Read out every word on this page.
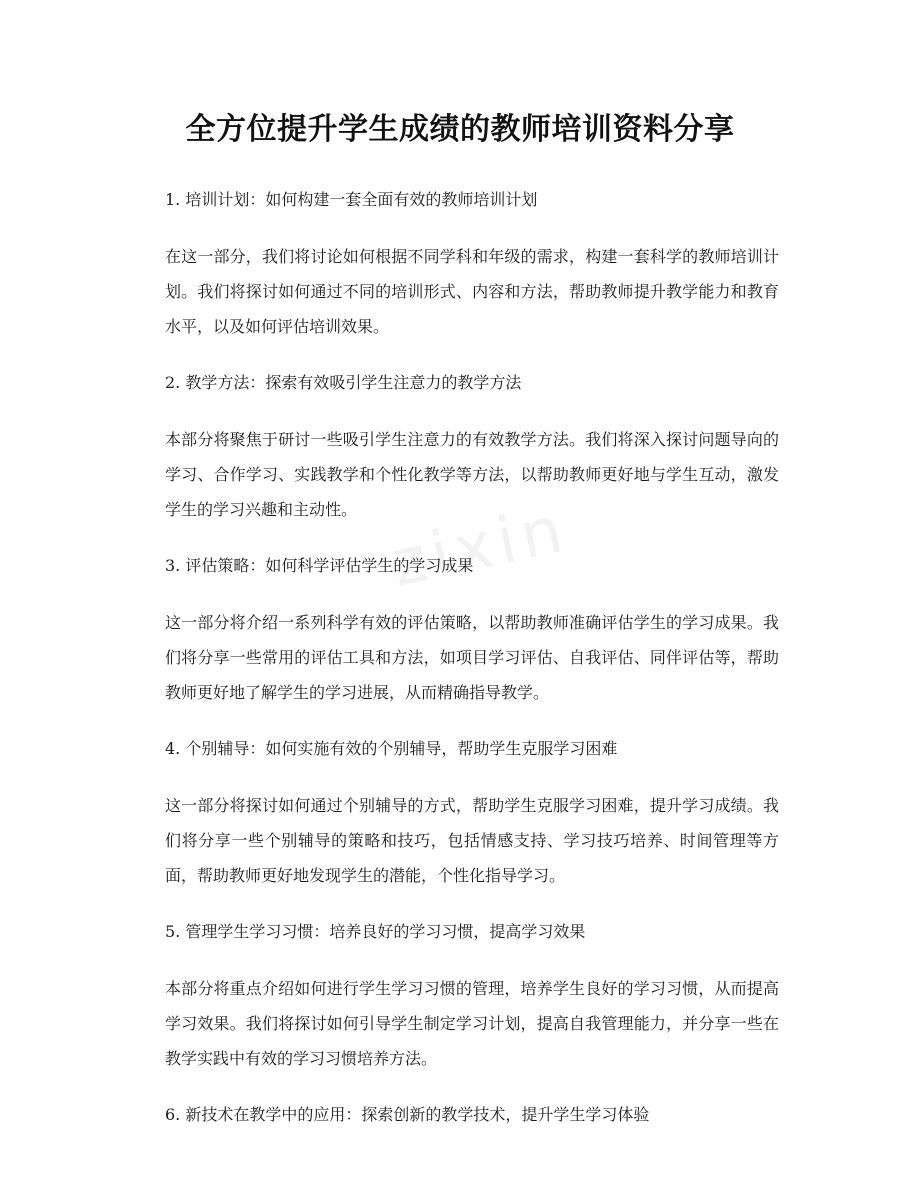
全方位提升学生成绩的教师培训资料分享
zixin
1. 培训计划：如何构建一套全面有效的教师培训计划
在这一部分，我们将讨论如何根据不同学科和年级的需求，构建一套科学的教师培训计划。我们将探讨如何通过不同的培训形式、内容和方法，帮助教师提升教学能力和教育水平，以及如何评估培训效果。
2. 教学方法：探索有效吸引学生注意力的教学方法
本部分将聚焦于研讨一些吸引学生注意力的有效教学方法。我们将深入探讨问题导向的学习、合作学习、实践教学和个性化教学等方法，以帮助教师更好地与学生互动，激发学生的学习兴趣和主动性。
3. 评估策略：如何科学评估学生的学习成果
这一部分将介绍一系列科学有效的评估策略，以帮助教师准确评估学生的学习成果。我们将分享一些常用的评估工具和方法，如项目学习评估、自我评估、同伴评估等，帮助教师更好地了解学生的学习进展，从而精确指导教学。
4. 个别辅导：如何实施有效的个别辅导，帮助学生克服学习困难
这一部分将探讨如何通过个别辅导的方式，帮助学生克服学习困难，提升学习成绩。我们将分享一些个别辅导的策略和技巧，包括情感支持、学习技巧培养、时间管理等方面，帮助教师更好地发现学生的潜能，个性化指导学习。
5. 管理学生学习习惯：培养良好的学习习惯，提高学习效果
本部分将重点介绍如何进行学生学习习惯的管理，培养学生良好的学习习惯，从而提高学习效果。我们将探讨如何引导学生制定学习计划，提高自我管理能力，并分享一些在教学实践中有效的学习习惯培养方法。
6. 新技术在教学中的应用：探索创新的教学技术，提升学生学习体验
